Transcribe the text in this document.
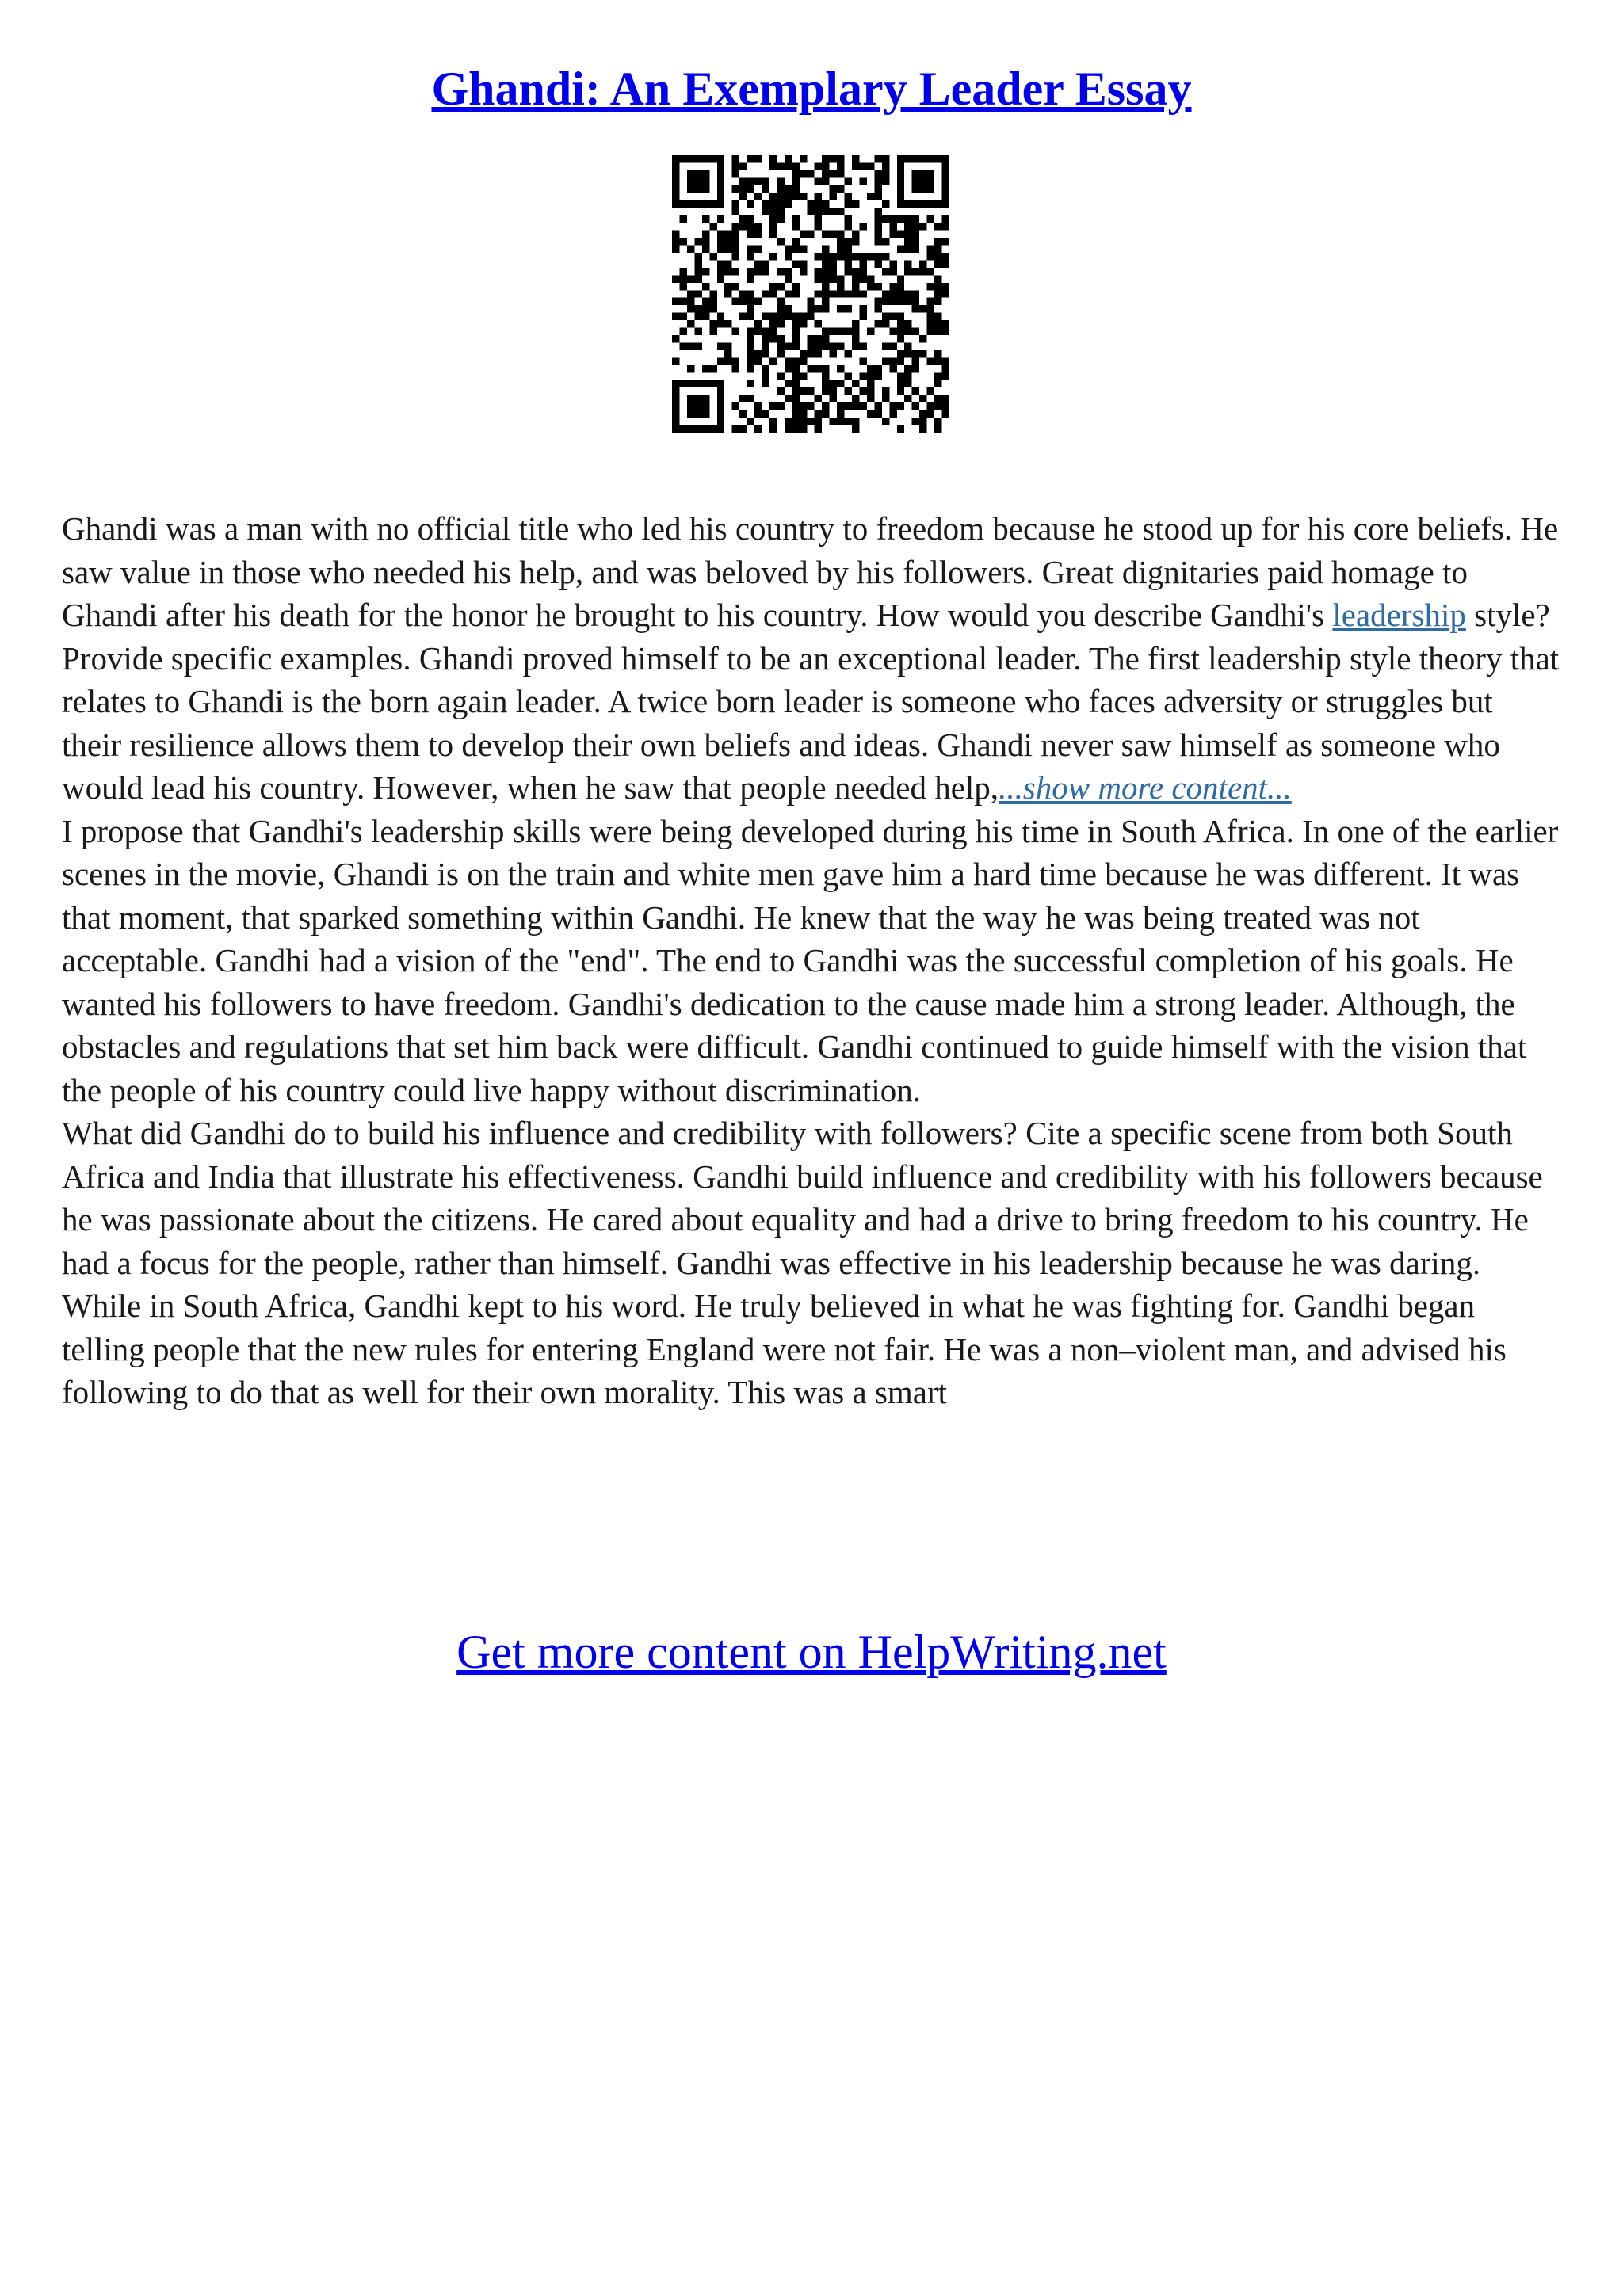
Ghandi: An Exemplary Leader Essay

Ghandi was a man with no official title who led his country to freedom because he stood up for his core beliefs. He saw value in those who needed his help, and was beloved by his followers. Great dignitaries paid homage to Ghandi after his death for the honor he brought to his country. How would you describe Gandhi's leadership style? Provide specific examples. Ghandi proved himself to be an exceptional leader. The first leadership style theory that relates to Ghandi is the born again leader. A twice born leader is someone who faces adversity or struggles but their resilience allows them to develop their own beliefs and ideas. Ghandi never saw himself as someone who would lead his country. However, when he saw that people needed help,...show more content...

I propose that Gandhi's leadership skills were being developed during his time in South Africa. In one of the earlier scenes in the movie, Ghandi is on the train and white men gave him a hard time because he was different. It was that moment, that sparked something within Gandhi. He knew that the way he was being treated was not acceptable. Gandhi had a vision of the "end". The end to Gandhi was the successful completion of his goals. He wanted his followers to have freedom. Gandhi's dedication to the cause made him a strong leader. Although, the obstacles and regulations that set him back were difficult. Gandhi continued to guide himself with the vision that the people of his country could live happy without discrimination.

What did Gandhi do to build his influence and credibility with followers? Cite a specific scene from both South Africa and India that illustrate his effectiveness. Gandhi build influence and credibility with his followers because he was passionate about the citizens. He cared about equality and had a drive to bring freedom to his country. He had a focus for the people, rather than himself. Gandhi was effective in his leadership because he was daring. While in South Africa, Gandhi kept to his word. He truly believed in what he was fighting for. Gandhi began telling people that the new rules for entering England were not fair. He was a non–violent man, and advised his following to do that as well for their own morality. This was a smart

Get more content on HelpWriting.net
